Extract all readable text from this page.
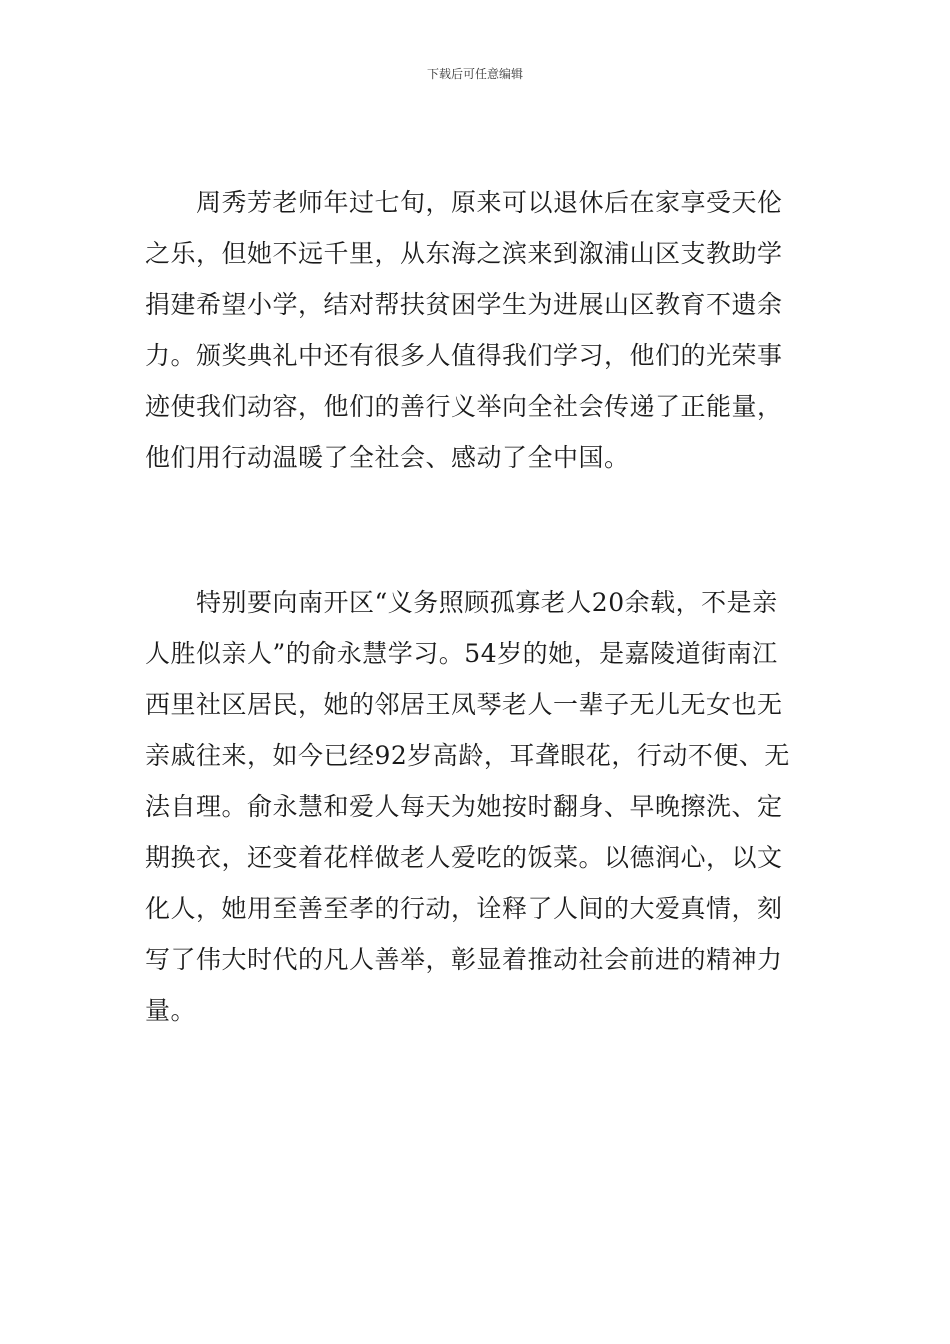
下载后可任意编辑
周秀芳老师年过七旬，原来可以退休后在家享受天伦
之乐，但她不远千里，从东海之滨来到溆浦山区支教助学
捐建希望小学，结对帮扶贫困学生为进展山区教育不遗余
力。颁奖典礼中还有很多人值得我们学习，他们的光荣事
迹使我们动容，他们的善行义举向全社会传递了正能量，
他们用行动温暖了全社会、感动了全中国。
特别要向南开区“义务照顾孤寡老人20余载，不是亲
人胜似亲人”的俞永慧学习。54岁的她，是嘉陵道街南江
西里社区居民，她的邻居王凤琴老人一辈子无儿无女也无
亲戚往来，如今已经92岁高龄，耳聋眼花，行动不便、无
法自理。俞永慧和爱人每天为她按时翻身、早晚擦洗、定
期换衣，还变着花样做老人爱吃的饭菜。以德润心，以文
化人，她用至善至孝的行动，诠释了人间的大爱真情，刻
写了伟大时代的凡人善举，彰显着推动社会前进的精神力
量。
